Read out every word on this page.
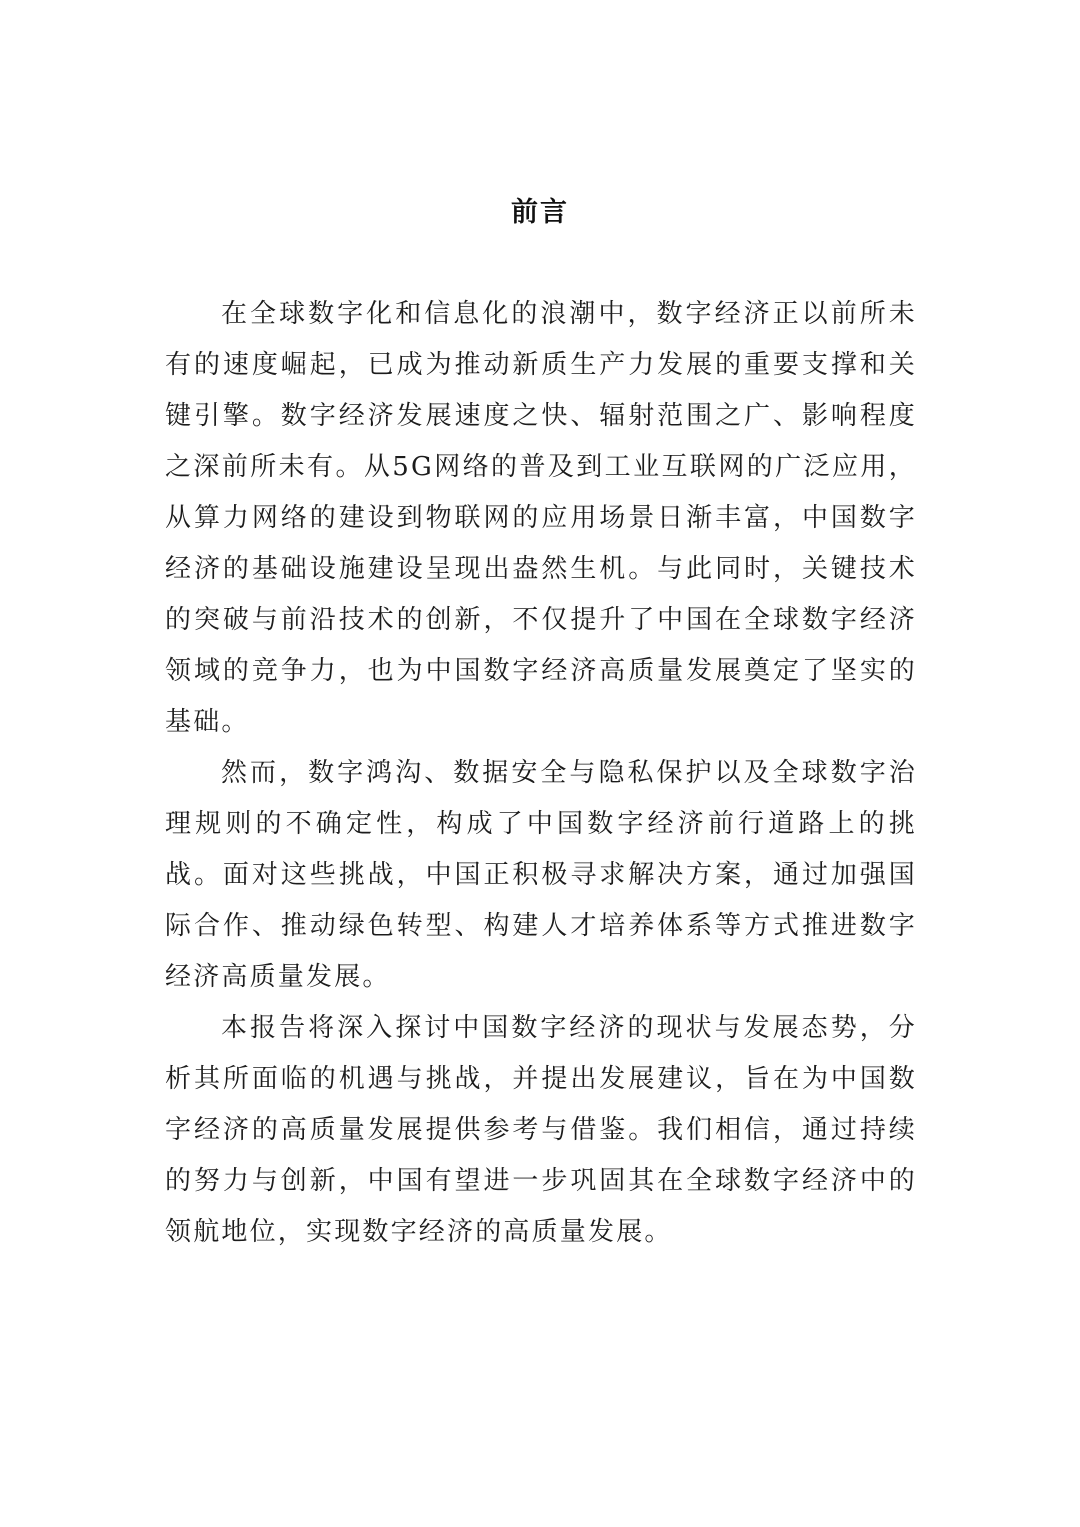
前言

在全球数字化和信息化的浪潮中，数字经济正以前所未有的速度崛起，已成为推动新质生产力发展的重要支撑和关键引擎。数字经济发展速度之快、辐射范围之广、影响程度之深前所未有。从5G网络的普及到工业互联网的广泛应用，从算力网络的建设到物联网的应用场景日渐丰富，中国数字经济的基础设施建设呈现出盎然生机。与此同时，关键技术的突破与前沿技术的创新，不仅提升了中国在全球数字经济领域的竞争力，也为中国数字经济高质量发展奠定了坚实的基础。

然而，数字鸿沟、数据安全与隐私保护以及全球数字治理规则的不确定性，构成了中国数字经济前行道路上的挑战。面对这些挑战，中国正积极寻求解决方案，通过加强国际合作、推动绿色转型、构建人才培养体系等方式推进数字经济高质量发展。

本报告将深入探讨中国数字经济的现状与发展态势，分析其所面临的机遇与挑战，并提出发展建议，旨在为中国数字经济的高质量发展提供参考与借鉴。我们相信，通过持续的努力与创新，中国有望进一步巩固其在全球数字经济中的领航地位，实现数字经济的高质量发展。
